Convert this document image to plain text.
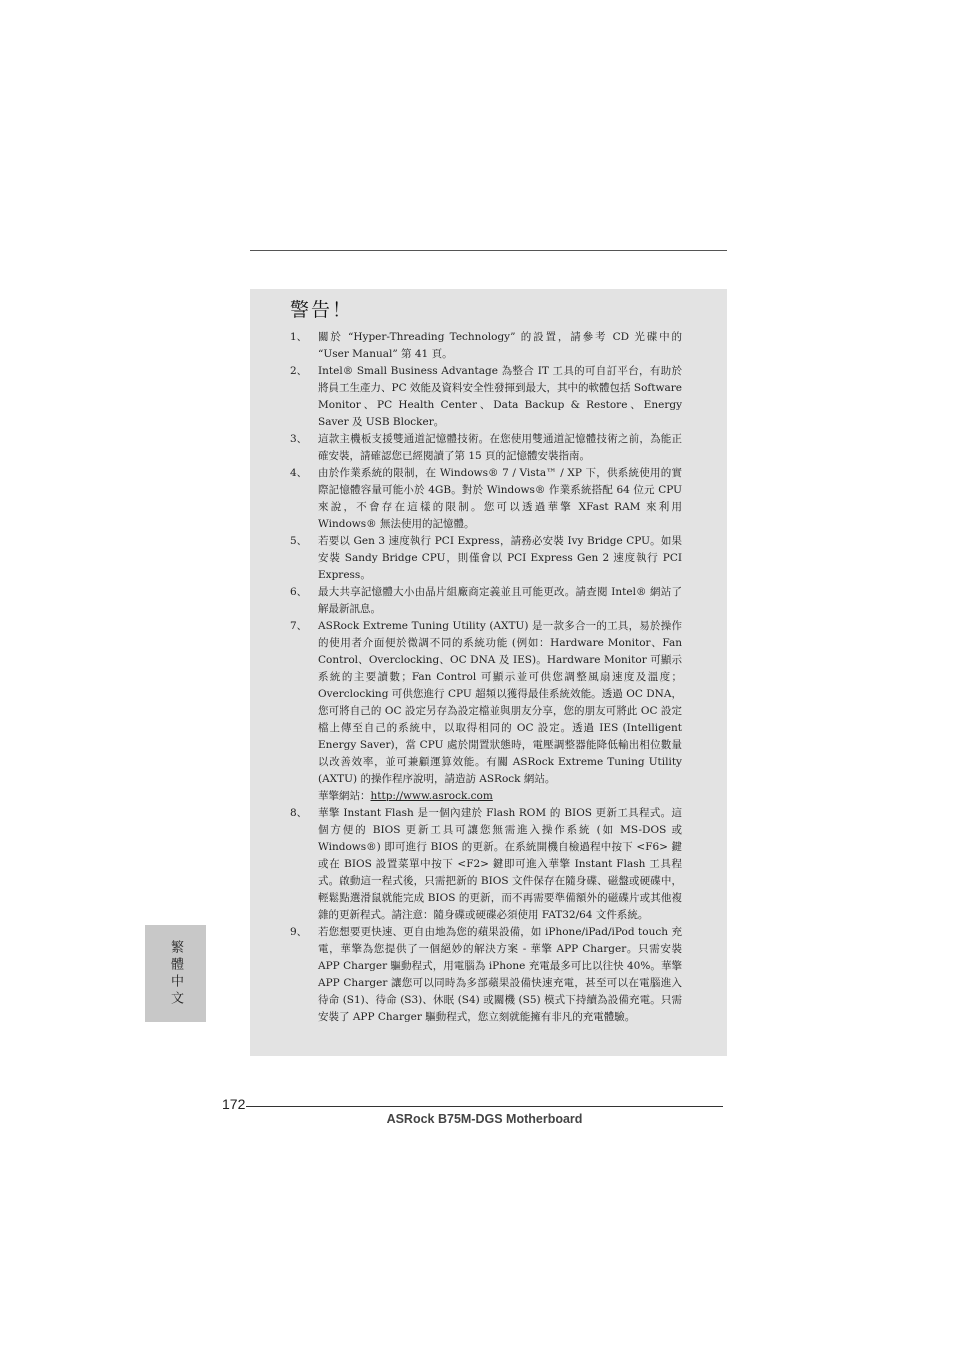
警告！
1、	關於 “Hyper-Threading Technology” 的設置，請參考 CD 光碟中的 “User Manual” 第 41 頁。
2、	Intel® Small Business Advantage 為整合 IT 工具的可自訂平台，有助於將員工生產力、PC 效能及資料安全性發揮到最大，其中的軟體包括 Software Monitor、PC Health Center、Data Backup & Restore、Energy Saver 及 USB Blocker。
3、	這款主機板支援雙通道記憶體技術。在您使用雙通道記憶體技術之前，為能正確安裝，請確認您已經閱讀了第 15 頁的記憶體安裝指南。
4、	由於作業系統的限制，在 Windows® 7 / Vista™ / XP 下，供系統使用的實際記憶體容量可能小於 4GB。對於 Windows® 作業系統搭配 64 位元 CPU 來說，不會存在這樣的限制。您可以透過華擎 XFast RAM 來利用 Windows® 無法使用的記憶體。
5、	若要以 Gen 3 速度執行 PCI Express，請務必安裝 Ivy Bridge CPU。如果安裝 Sandy Bridge CPU，則僅會以 PCI Express Gen 2 速度執行 PCI Express。
6、	最大共享記憶體大小由晶片組廠商定義並且可能更改。請查閱 Intel® 網站了解最新訊息。
7、	ASRock Extreme Tuning Utility (AXTU) 是一款多合一的工具，易於操作的使用者介面便於微調不同的系統功能 (例如：Hardware Monitor、Fan Control、Overclocking、OC DNA 及 IES)。Hardware Monitor 可顯示系統的主要讀數；Fan Control 可顯示並可供您調整風扇速度及溫度；Overclocking 可供您進行 CPU 超頻以獲得最佳系統效能。透過 OC DNA，您可將自己的 OC 設定另存為設定檔並與朋友分享，您的朋友可將此 OC 設定檔上傳至自己的系統中，以取得相同的 OC 設定。透過 IES (Intelligent Energy Saver)，當 CPU 處於閒置狀態時，電壓調整器能降低輸出相位數量以改善效率，並可兼顧運算效能。有關 ASRock Extreme Tuning Utility (AXTU) 的操作程序說明，請造訪 ASRock 網站。
華擎網站：http://www.asrock.com
8、	華擎 Instant Flash 是一個內建於 Flash ROM 的 BIOS 更新工具程式。這個方便的 BIOS 更新工具可讓您無需進入操作系統 (如 MS-DOS 或 Windows®) 即可進行 BIOS 的更新。在系統開機自檢過程中按下 <F6> 鍵或在 BIOS 設置菜單中按下 <F2> 鍵即可進入華擎 Instant Flash 工具程式。啟動這一程式後，只需把新的 BIOS 文件保存在隨身碟、磁盤或硬碟中，輕鬆點選滑鼠就能完成 BIOS 的更新，而不再需要準備額外的磁碟片或其他複雜的更新程式。請注意：隨身碟或硬碟必須使用 FAT32/64 文件系統。
9、	若您想要更快速、更自由地為您的蘋果設備，如 iPhone/iPad/iPod touch 充電，華擎為您提供了一個絕妙的解決方案 - 華擎 APP Charger。只需安裝 APP Charger 驅動程式，用電腦為 iPhone 充電最多可比以往快 40%。華擎 APP Charger 讓您可以同時為多部蘋果設備快速充電，甚至可以在電腦進入待命 (S1)、待命 (S3)、休眠 (S4) 或關機 (S5) 模式下持續為設備充電。只需安裝了 APP Charger 驅動程式，您立刻就能擁有非凡的充電體驗。
繁體中文
172
ASRock B75M-DGS Motherboard
